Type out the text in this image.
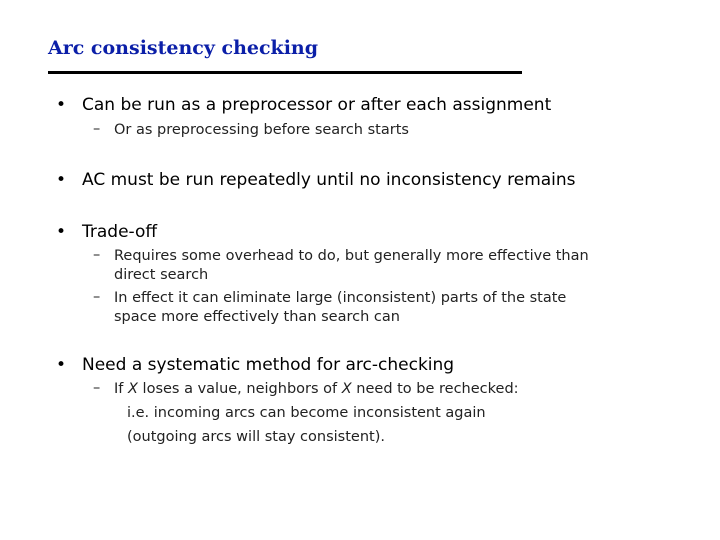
Arc consistency checking
• Can be run as a preprocessor or after each assignment
– Or as preprocessing before search starts
• AC must be run repeatedly until no inconsistency remains
• Trade-off
– Requires some overhead to do, but generally more effective than
direct search
– In effect it can eliminate large (inconsistent) parts of the state
space more effectively than search can
• Need a systematic method for arc-checking
– If X loses a value, neighbors of X need to be rechecked:
i.e. incoming arcs can become inconsistent again
(outgoing arcs will stay consistent).
